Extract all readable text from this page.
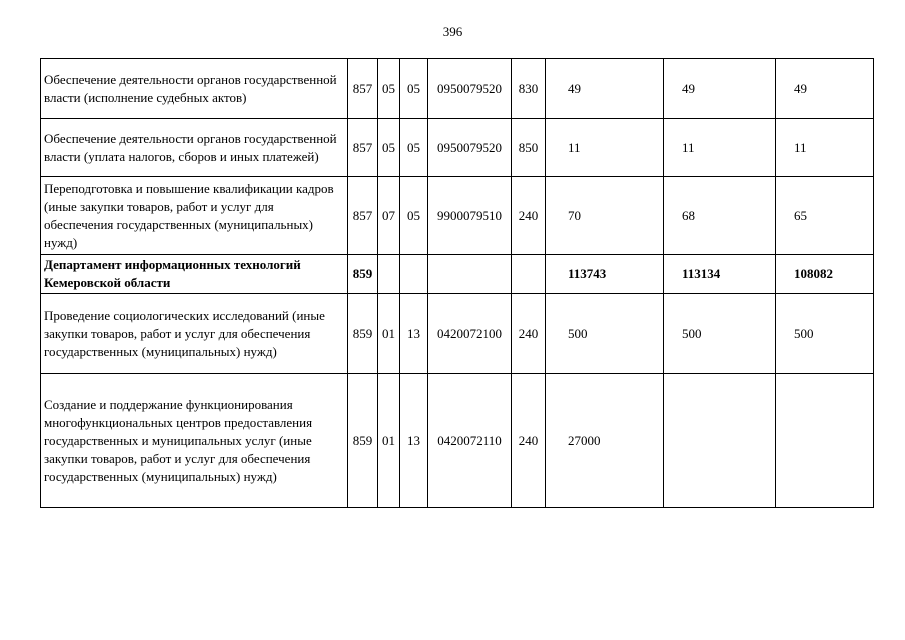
396
Обеспечение деятельности органов государственной власти (исполнение судебных актов)	857	05	05	0950079520	830	49	49	49
Обеспечение деятельности органов государственной власти (уплата налогов, сборов и иных платежей)	857	05	05	0950079520	850	11	11	11
Переподготовка и повышение квалификации кадров (иные закупки товаров, работ и услуг для обеспечения государственных (муниципальных) нужд)	857	07	05	9900079510	240	70	68	65
Департамент информационных технологий Кемеровской области	859					113743	113134	108082
Проведение социологических исследований (иные закупки товаров, работ и услуг для обеспечения государственных (муниципальных) нужд)	859	01	13	0420072100	240	500	500	500
Создание и поддержание функционирования многофункциональных центров предоставления государственных и муниципальных услуг (иные закупки товаров, работ и услуг для обеспечения государственных (муниципальных) нужд)	859	01	13	0420072110	240	27000		
